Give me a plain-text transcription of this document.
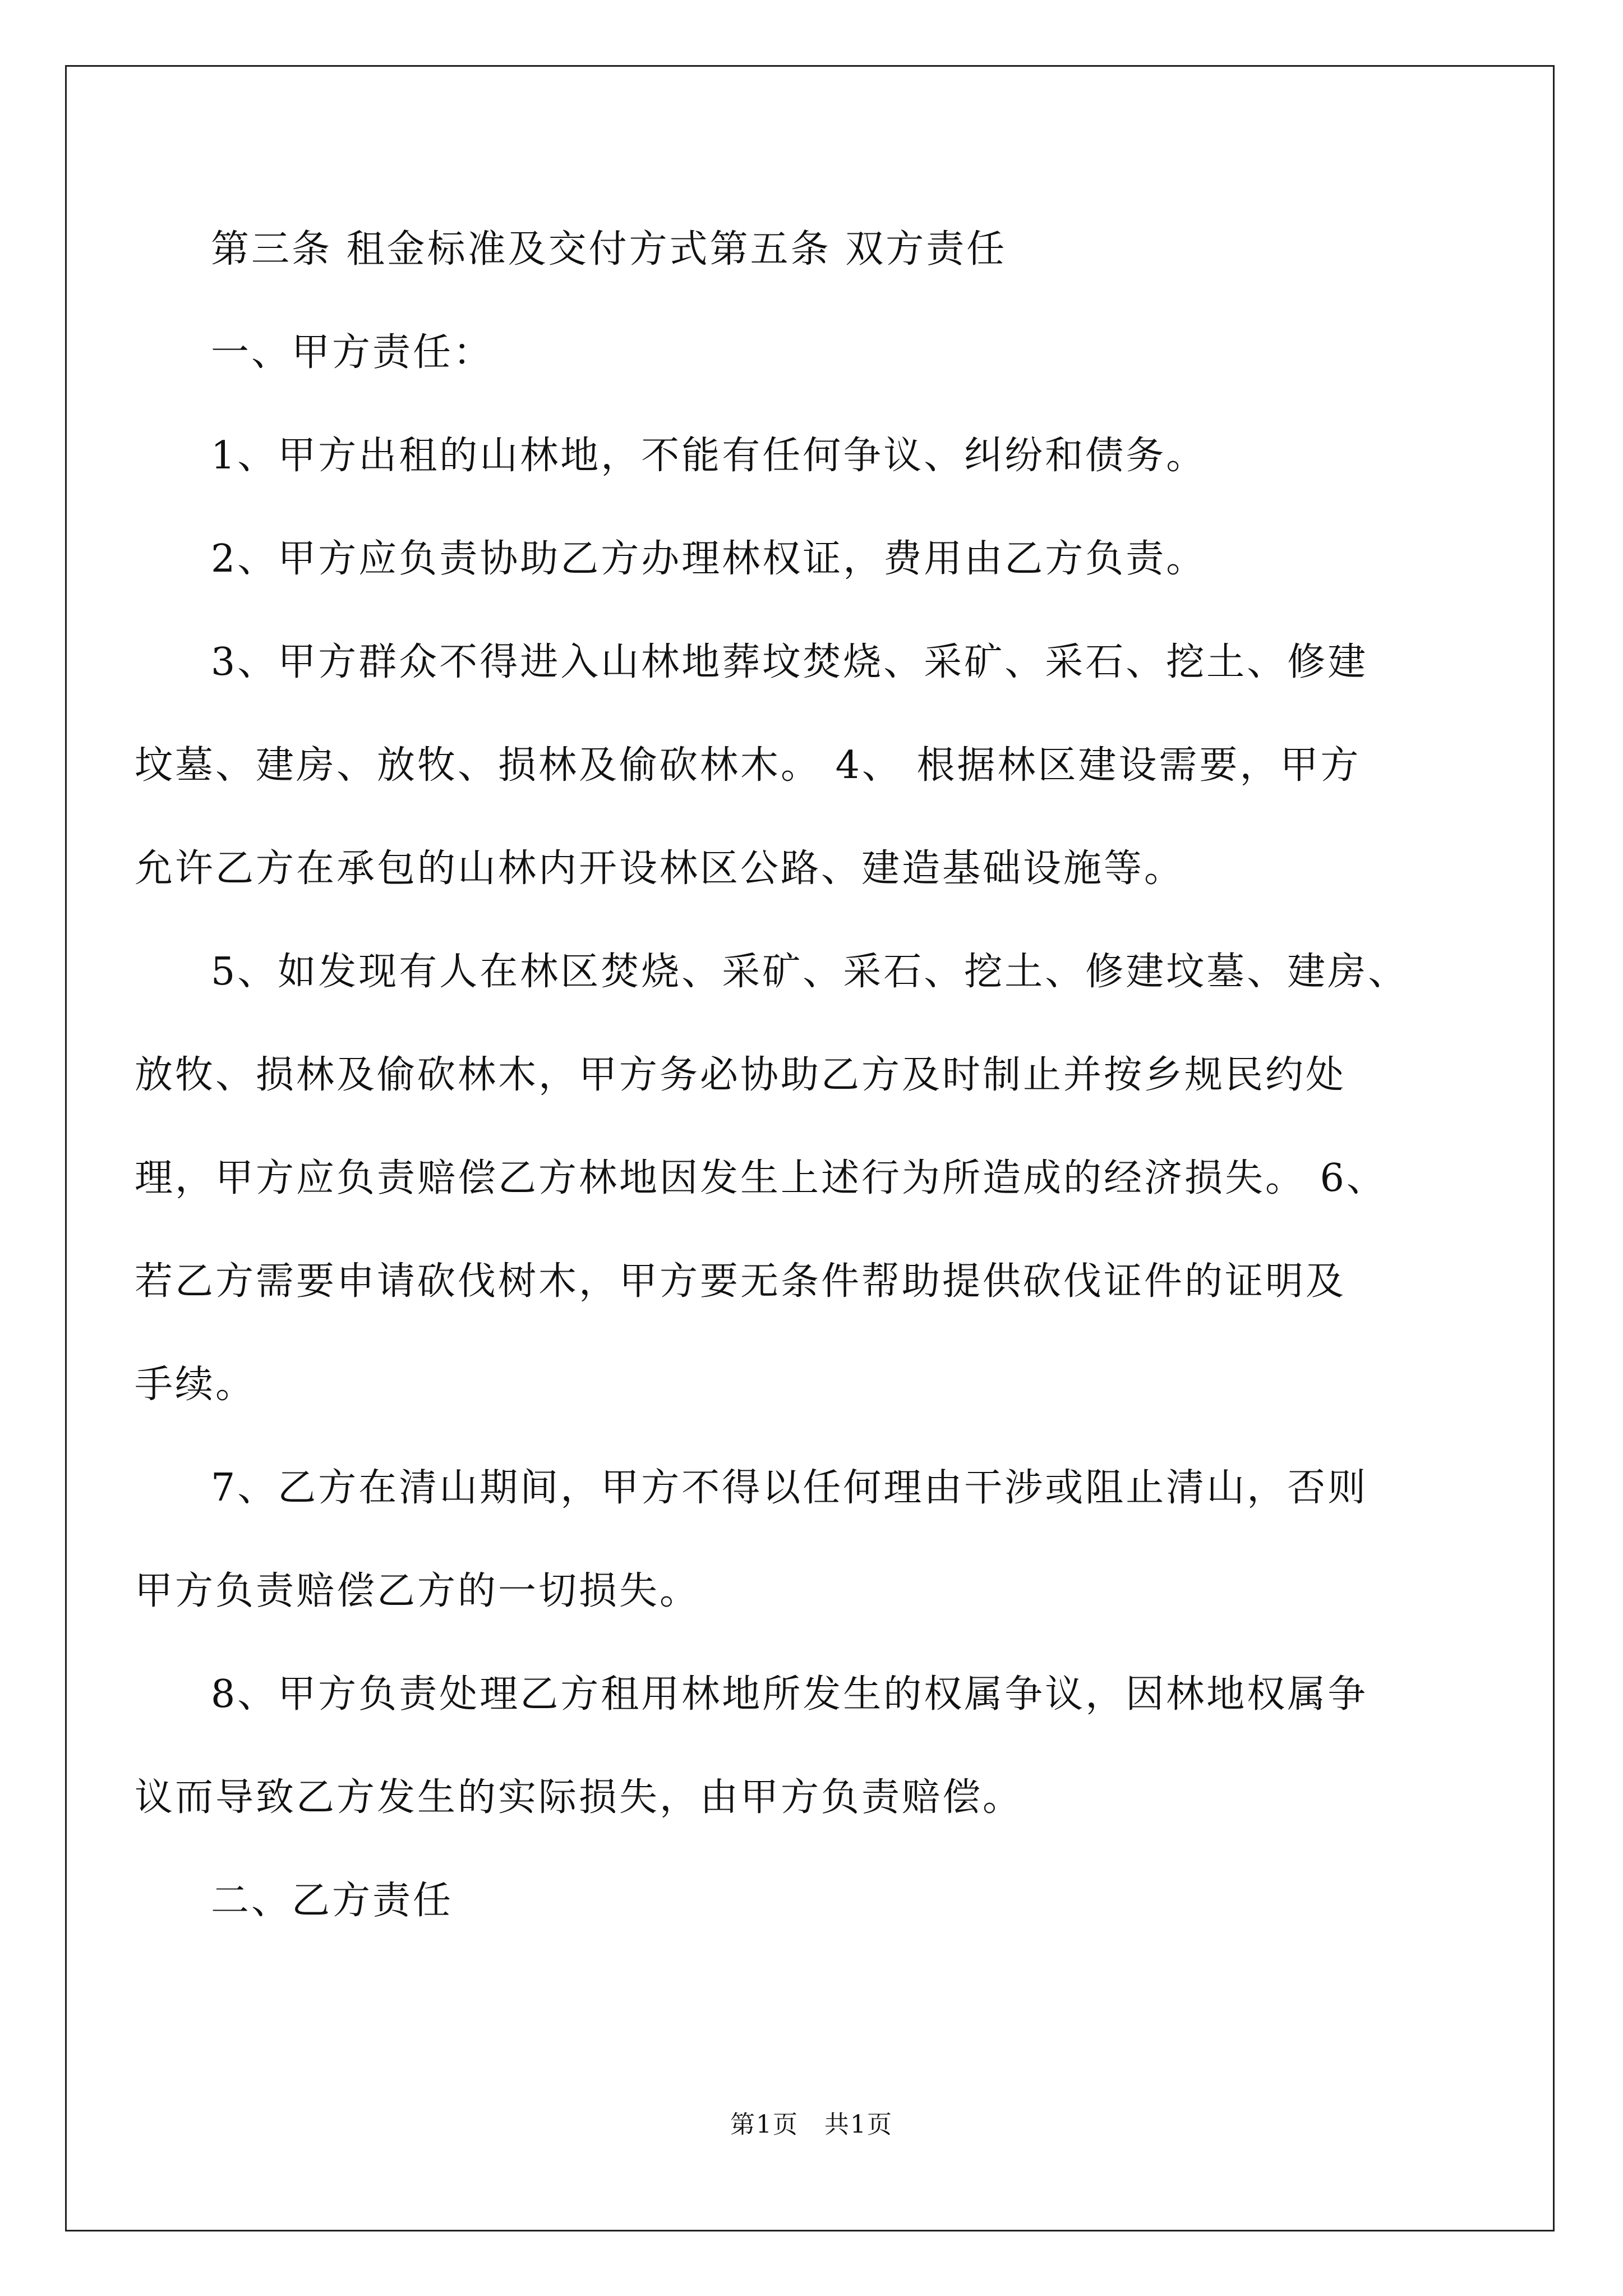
第三条 租金标准及交付方式第五条 双方责任
一、甲方责任：
1、甲方出租的山林地，不能有任何争议、纠纷和债务。
2、甲方应负责协助乙方办理林权证，费用由乙方负责。
3、甲方群众不得进入山林地葬坟焚烧、采矿、采石、挖土、修建
坟墓、建房、放牧、损林及偷砍林木。 4、 根据林区建设需要，甲方
允许乙方在承包的山林内开设林区公路、建造基础设施等。
5、如发现有人在林区焚烧、采矿、采石、挖土、修建坟墓、建房、
放牧、损林及偷砍林木，甲方务必协助乙方及时制止并按乡规民约处
理，甲方应负责赔偿乙方林地因发生上述行为所造成的经济损失。 6、
若乙方需要申请砍伐树木，甲方要无条件帮助提供砍伐证件的证明及
手续。
7、乙方在清山期间，甲方不得以任何理由干涉或阻止清山，否则
甲方负责赔偿乙方的一切损失。
8、甲方负责处理乙方租用林地所发生的权属争议，因林地权属争
议而导致乙方发生的实际损失，由甲方负责赔偿。
二、乙方责任
第1页　共1页
